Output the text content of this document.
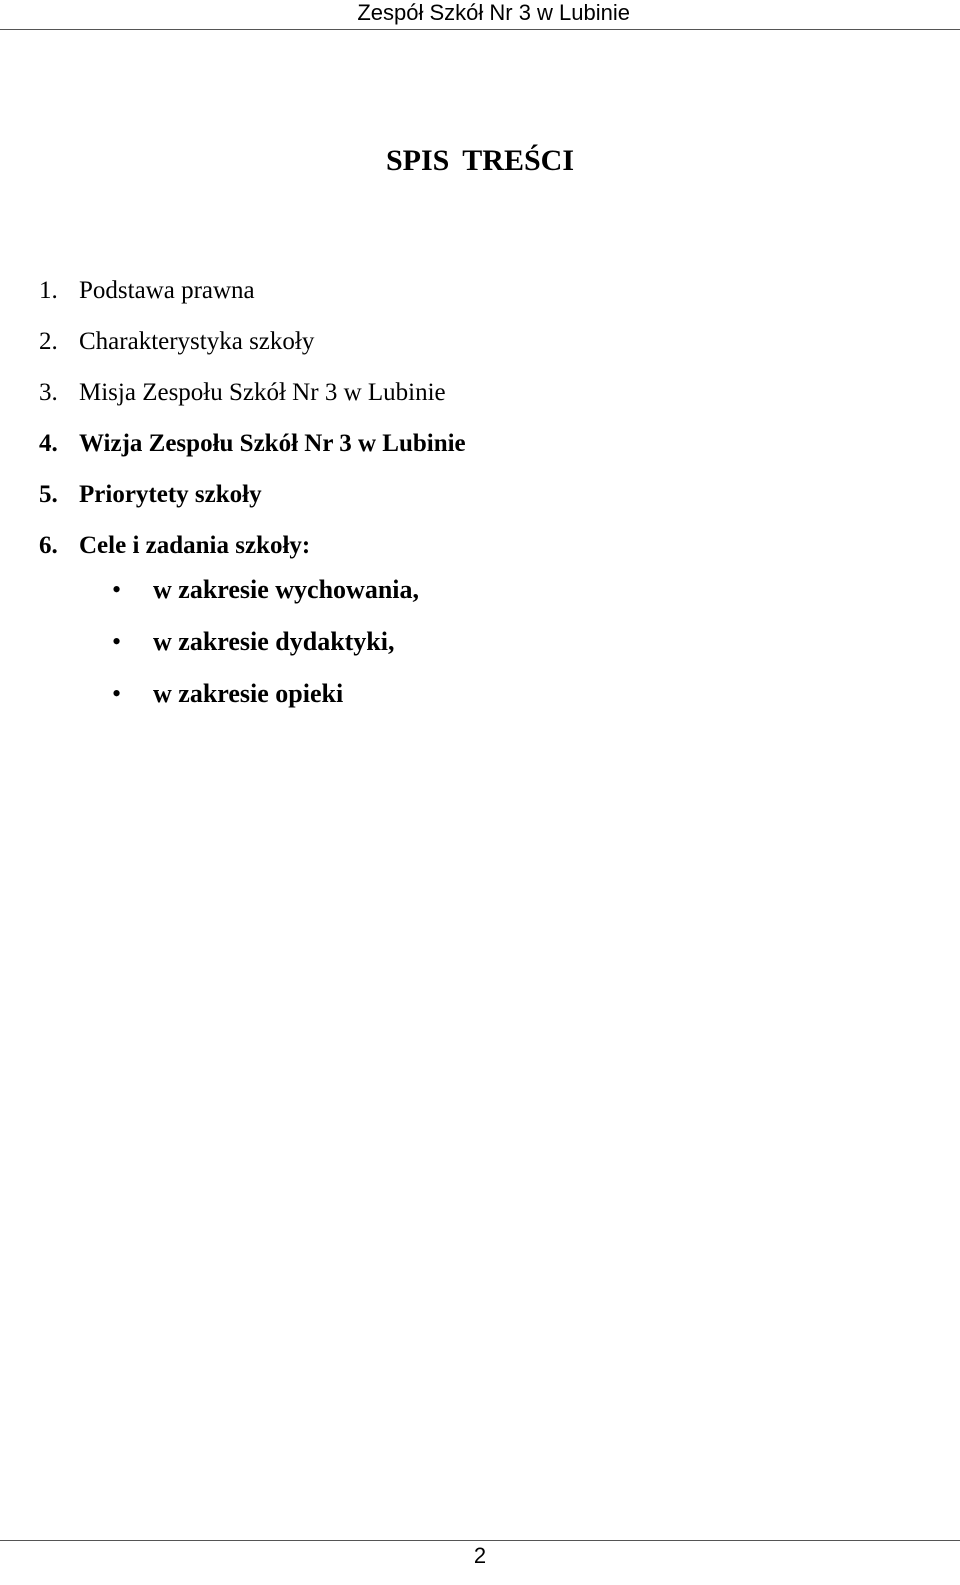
Zespół Szkół Nr 3 w Lubinie
SPIS TREŚCI
1. Podstawa prawna
2. Charakterystyka szkoły
3. Misja Zespołu Szkół Nr 3 w Lubinie
4. Wizja Zespołu Szkół Nr 3 w Lubinie
5. Priorytety szkoły
6. Cele i zadania szkoły:
• w zakresie wychowania,
• w zakresie dydaktyki,
• w zakresie opieki
2
